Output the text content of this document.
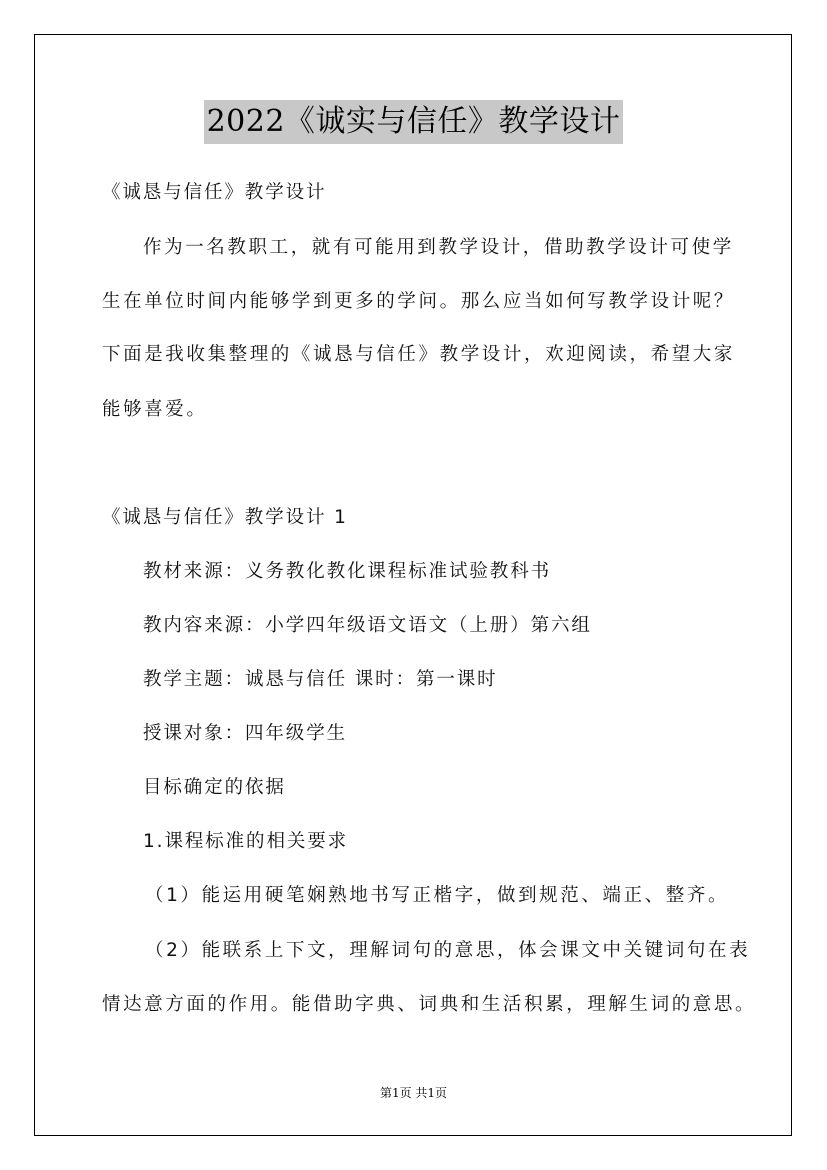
2022《诚实与信任》教学设计
《诚恳与信任》教学设计
作为一名教职工，就有可能用到教学设计，借助教学设计可使学
生在单位时间内能够学到更多的学问。那么应当如何写教学设计呢？
下面是我收集整理的《诚恳与信任》教学设计，欢迎阅读，希望大家
能够喜爱。
《诚恳与信任》教学设计 1
教材来源：义务教化教化课程标准试验教科书
教内容来源：小学四年级语文语文（上册）第六组
教学主题：诚恳与信任 课时：第一课时
授课对象：四年级学生
目标确定的依据
1.课程标准的相关要求
（1）能运用硬笔娴熟地书写正楷字，做到规范、端正、整齐。
（2）能联系上下文，理解词句的意思，体会课文中关键词句在表
情达意方面的作用。能借助字典、词典和生活积累，理解生词的意思。
第1页 共1页
